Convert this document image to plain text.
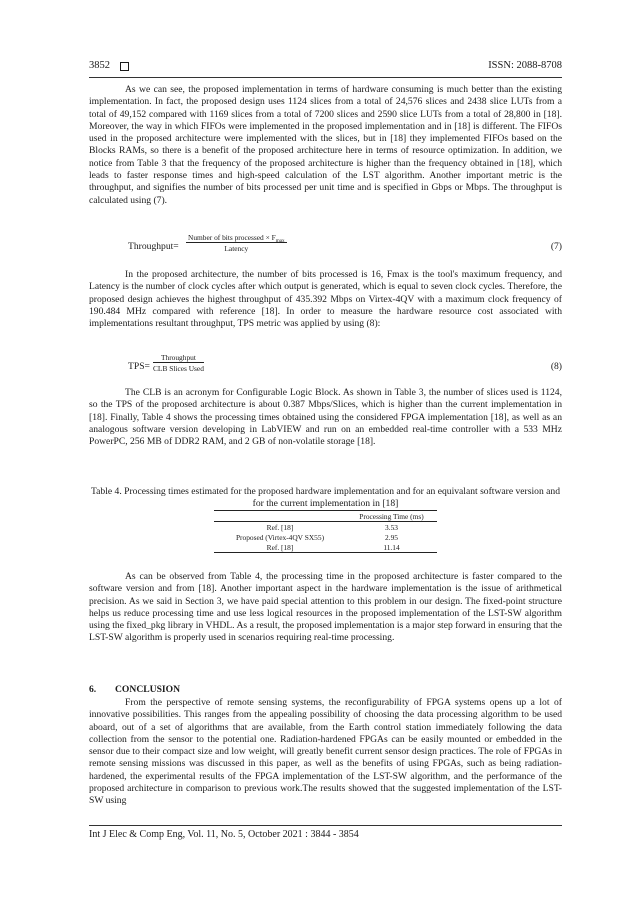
3852	ISSN: 2088-8708

As we can see, the proposed implementation in terms of hardware consuming is much better than the existing implementation. In fact, the proposed design uses 1124 slices from a total of 24,576 slices and 2438 slice LUTs from a total of 49,152 compared with 1169 slices from a total of 7200 slices and 2590 slice LUTs from a total of 28,800 in [18]. Moreover, the way in which FIFOs were implemented in the proposed implementation and in [18] is different. The FIFOs used in the proposed architecture were implemented with the slices, but in [18] they implemented FIFOs based on the Blocks RAMs, so there is a benefit of the proposed architecture here in terms of resource optimization. In addition, we notice from Table 3 that the frequency of the proposed architecture is higher than the frequency obtained in [18], which leads to faster response times and high-speed calculation of the LST algorithm. Another important metric is the throughput, and signifies the number of bits processed per unit time and is specified in Gbps or Mbps. The throughput is calculated using (7).

Throughput=
Number of bits processed × $F_{max}$
Latency	(7)

In the proposed architecture, the number of bits processed is 16, Fmax is the tool's maximum frequency, and Latency is the number of clock cycles after which output is generated, which is equal to seven clock cycles. Therefore, the proposed design achieves the highest throughput of 435.392 Mbps on Virtex-4QV with a maximum clock frequency of 190.484 MHz compared with reference [18]. In order to measure the hardware resource cost associated with implementations resultant throughput, TPS metric was applied by using (8):

TPS=
Throughput
CLB Slices Used	(8)

The CLB is an acronym for Configurable Logic Block. As shown in Table 3, the number of slices used is 1124, so the TPS of the proposed architecture is about 0.387 Mbps/Slices, which is higher than the current implementation in [18]. Finally, Table 4 shows the processing times obtained using the considered FPGA implementation [18], as well as an analogous software version developing in LabVIEW and run on an embedded real-time controller with a 533 MHz PowerPC, 256 MB of DDR2 RAM, and 2 GB of non-volatile storage [18].

Table 4. Processing times estimated for the proposed hardware implementation and for an equivalant software version and for the current implementation in [18]

	Processing Time (ms)
Ref. [18]	3.53
Proposed (Virtex-4QV SX55)	2.95
Ref. [18]	11.14

As can be observed from Table 4, the processing time in the proposed architecture is faster compared to the software version and from [18]. Another important aspect in the hardware implementation is the issue of arithmetical precision. As we said in Section 3, we have paid special attention to this problem in our design. The fixed-point structure helps us reduce processing time and use less logical resources in the proposed implementation of the LST-SW algorithm using the fixed_pkg library in VHDL. As a result, the proposed implementation is a major step forward in ensuring that the LST-SW algorithm is properly used in scenarios requiring real-time processing.

6. CONCLUSION

From the perspective of remote sensing systems, the reconfigurability of FPGA systems opens up a lot of innovative possibilities. This ranges from the appealing possibility of choosing the data processing algorithm to be used aboard, out of a set of algorithms that are available, from the Earth control station immediately following the data collection from the sensor to the potential one. Radiation-hardened FPGAs can be easily mounted or embedded in the sensor due to their compact size and low weight, will greatly benefit current sensor design practices. The role of FPGAs in remote sensing missions was discussed in this paper, as well as the benefits of using FPGAs, such as being radiation-hardened, the experimental results of the FPGA implementation of the LST-SW algorithm, and the performance of the proposed architecture in comparison to previous work.The results showed that the suggested implementation of the LST-SW using

Int J Elec & Comp Eng, Vol. 11, No. 5, October 2021 : 3844 - 3854
